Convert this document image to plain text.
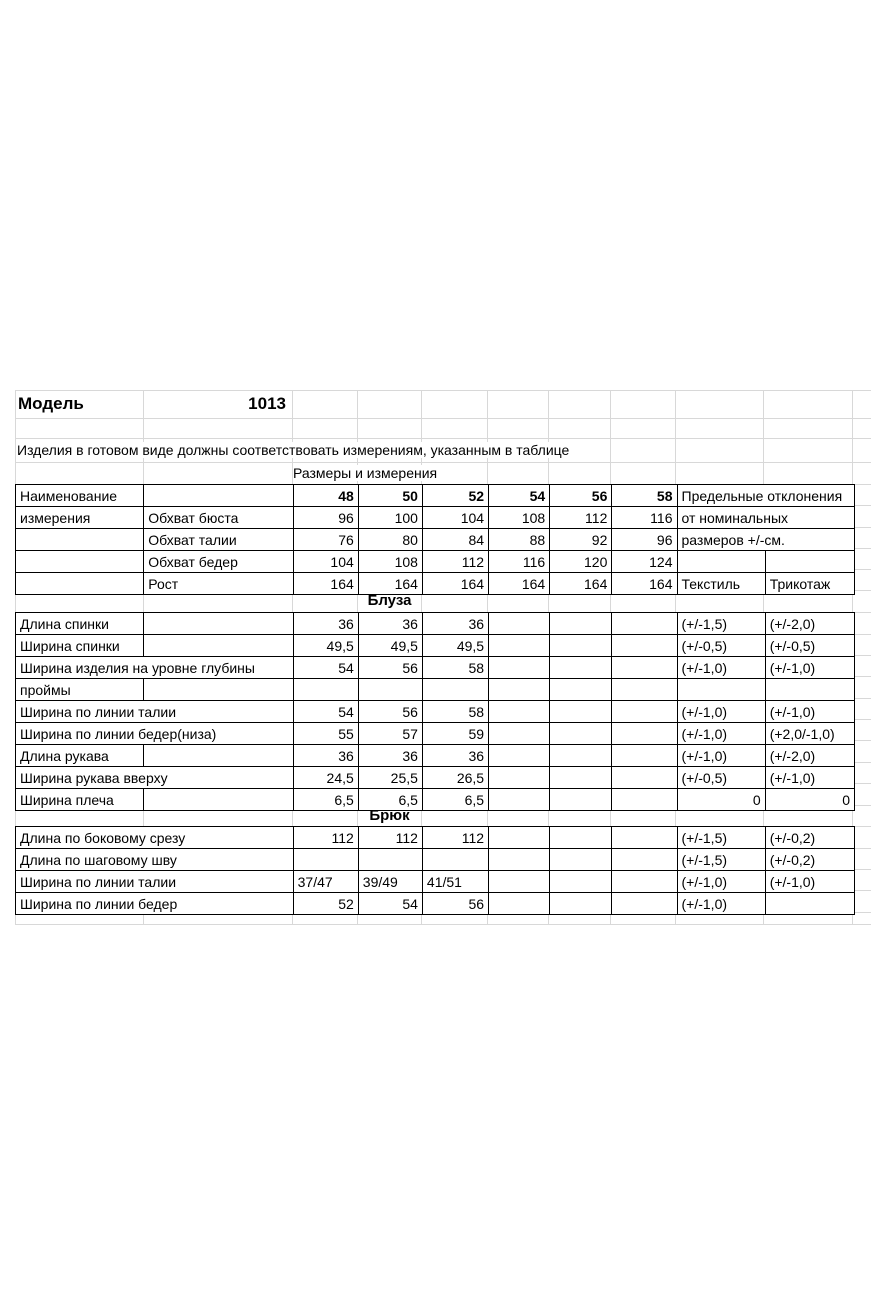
Модель	1013
Изделия в готовом виде должны соответствовать измерениям, указанным в таблице
Размеры и измерения
Наименование		48	50	52	54	56	58	Предельные отклонения	
измерения	Обхват бюста	96	100	104	108	112	116	от номинальных	
	Обхват талии	76	80	84	88	92	96	размеров +/-см.	
	Обхват бедер	104	108	112	116	120	124		
	Рост	164	164	164	164	164	164	Текстиль	Трикотаж
Блуза
Длина спинки		36	36	36				(+/-1,5)	(+/-2,0)
Ширина спинки		49,5	49,5	49,5				(+/-0,5)	(+/-0,5)
Ширина изделия на уровне глубины		54	56	58				(+/-1,0)	(+/-1,0)
проймы									
Ширина по линии талии		54	56	58				(+/-1,0)	(+/-1,0)
Ширина по линии бедер(низа)		55	57	59				(+/-1,0)	(+2,0/-1,0)
Длина рукава		36	36	36				(+/-1,0)	(+/-2,0)
Ширина рукава вверху		24,5	25,5	26,5				(+/-0,5)	(+/-1,0)
Ширина плеча		6,5	6,5	6,5				0	0
Брюк
Длина по боковому срезу	112	112	112				(+/-1,5)	(+/-0,2)
Длина по шаговому шву							(+/-1,5)	(+/-0,2)
Ширина по линии талии	37/47	39/49	41/51				(+/-1,0)	(+/-1,0)
Ширина по линии бедер	52	54	56				(+/-1,0)	
